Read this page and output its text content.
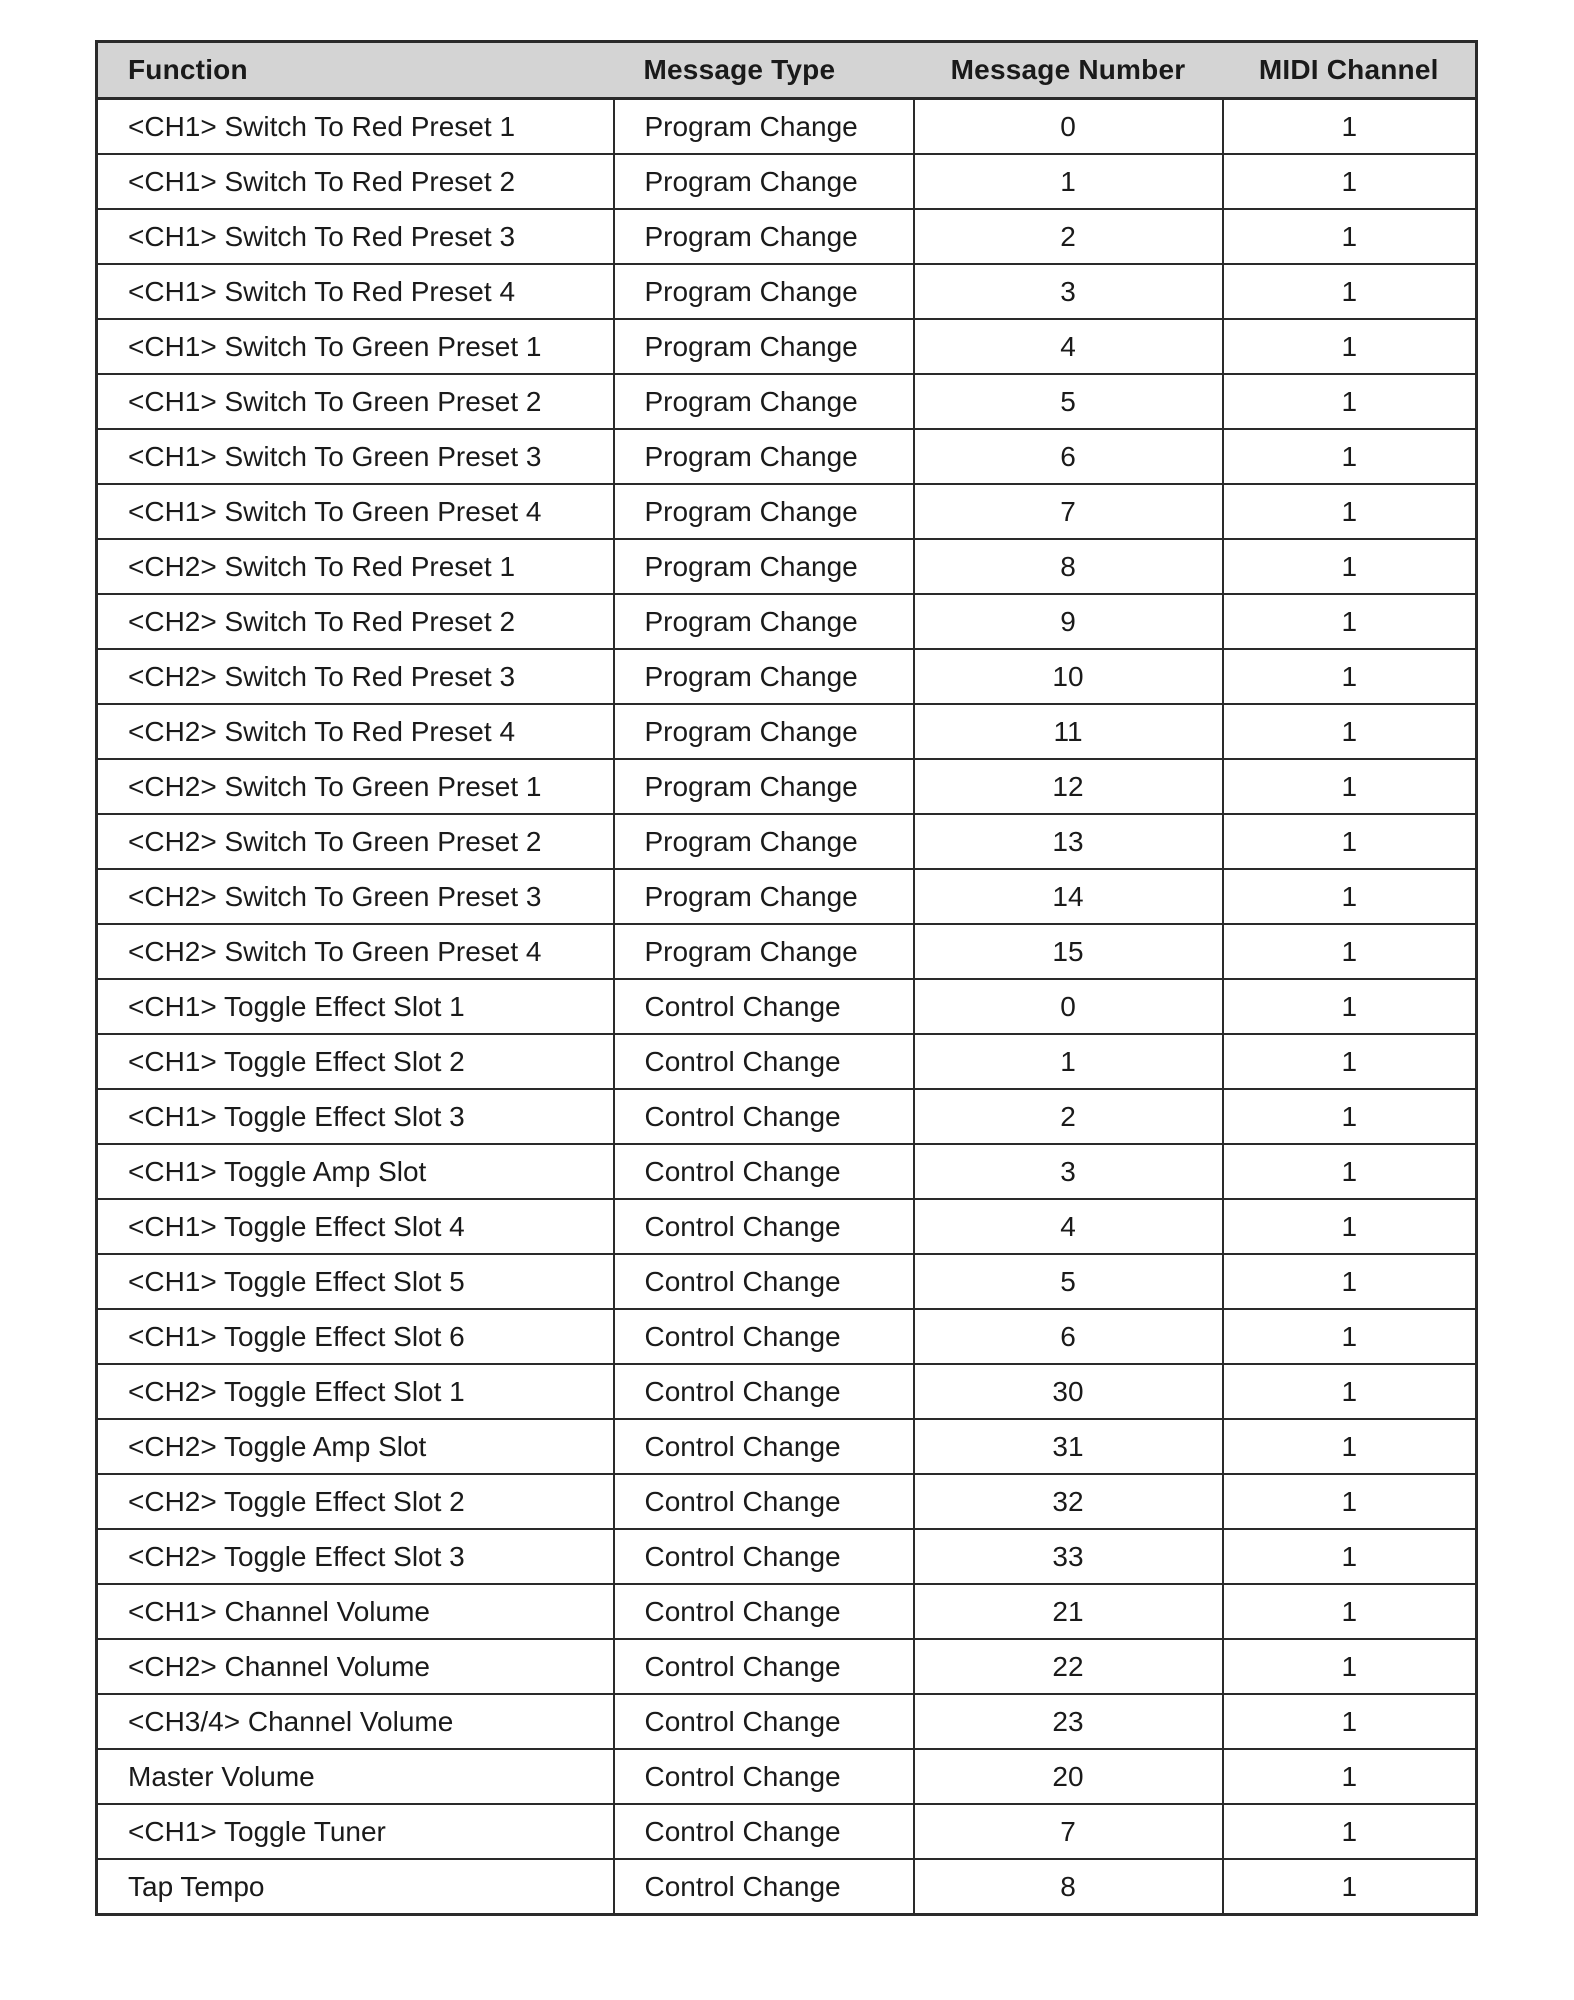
Function	Message Type	Message Number	MIDI Channel
<CH1> Switch To Red Preset 1	Program Change	0	1
<CH1> Switch To Red Preset 2	Program Change	1	1
<CH1> Switch To Red Preset 3	Program Change	2	1
<CH1> Switch To Red Preset 4	Program Change	3	1
<CH1> Switch To Green Preset 1	Program Change	4	1
<CH1> Switch To Green Preset 2	Program Change	5	1
<CH1> Switch To Green Preset 3	Program Change	6	1
<CH1> Switch To Green Preset 4	Program Change	7	1
<CH2> Switch To Red Preset 1	Program Change	8	1
<CH2> Switch To Red Preset 2	Program Change	9	1
<CH2> Switch To Red Preset 3	Program Change	10	1
<CH2> Switch To Red Preset 4	Program Change	11	1
<CH2> Switch To Green Preset 1	Program Change	12	1
<CH2> Switch To Green Preset 2	Program Change	13	1
<CH2> Switch To Green Preset 3	Program Change	14	1
<CH2> Switch To Green Preset 4	Program Change	15	1
<CH1> Toggle Effect Slot 1	Control Change	0	1
<CH1> Toggle Effect Slot 2	Control Change	1	1
<CH1> Toggle Effect Slot 3	Control Change	2	1
<CH1> Toggle Amp Slot	Control Change	3	1
<CH1> Toggle Effect Slot 4	Control Change	4	1
<CH1> Toggle Effect Slot 5	Control Change	5	1
<CH1> Toggle Effect Slot 6	Control Change	6	1
<CH2> Toggle Effect Slot 1	Control Change	30	1
<CH2> Toggle Amp Slot	Control Change	31	1
<CH2> Toggle Effect Slot 2	Control Change	32	1
<CH2> Toggle Effect Slot 3	Control Change	33	1
<CH1> Channel Volume	Control Change	21	1
<CH2> Channel Volume	Control Change	22	1
<CH3/4> Channel Volume	Control Change	23	1
Master Volume	Control Change	20	1
<CH1> Toggle Tuner	Control Change	7	1
Tap Tempo	Control Change	8	1
